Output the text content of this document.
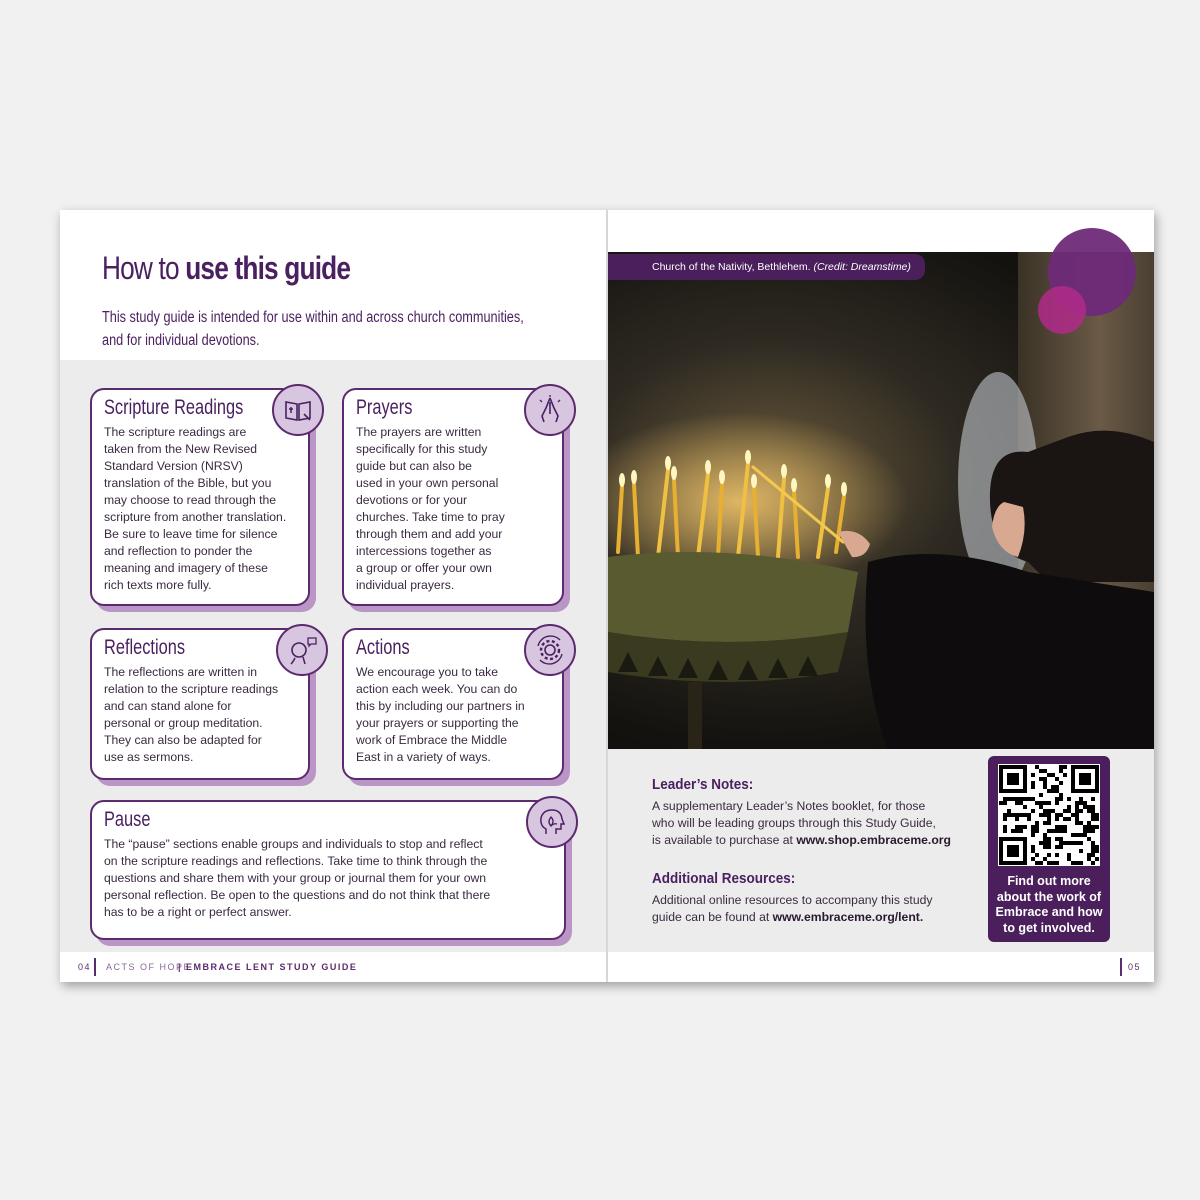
How to use this guide
This study guide is intended for use within and across church communities, and for individual devotions.
Scripture Readings
The scripture readings are
taken from the New Revised
Standard Version (NRSV)
translation of the Bible, but you
may choose to read through the
scripture from another translation.
Be sure to leave time for silence
and reflection to ponder the
meaning and imagery of these
rich texts more fully.
Prayers
The prayers are written
specifically for this study
guide but can also be
used in your own personal
devotions or for your
churches. Take time to pray
through them and add your
intercessions together as
a group or offer your own
individual prayers.
Reflections
The reflections are written in
relation to the scripture readings
and can stand alone for
personal or group meditation.
They can also be adapted for
use as sermons.
Actions
We encourage you to take
action each week. You can do
this by including our partners in
your prayers or supporting the
work of Embrace the Middle
East in a variety of ways.
Pause
The “pause” sections enable groups and individuals to stop and reflect
on the scripture readings and reflections. Take time to think through the
questions and share them with your group or journal them for your own
personal reflection. Be open to the questions and do not think that there
has to be a right or perfect answer.
04 ACTS OF HOPE
| EMBRACE LENT STUDY GUIDE
Church of the Nativity, Bethlehem. (Credit: Dreamstime)
Leader’s Notes:
A supplementary Leader’s Notes booklet, for those
who will be leading groups through this Study Guide,
is available to purchase at www.shop.embraceme.org
Additional Resources:
Additional online resources to accompany this study
guide can be found at www.embraceme.org/lent.
Find out more
about the work of
Embrace and how
to get involved.
05
